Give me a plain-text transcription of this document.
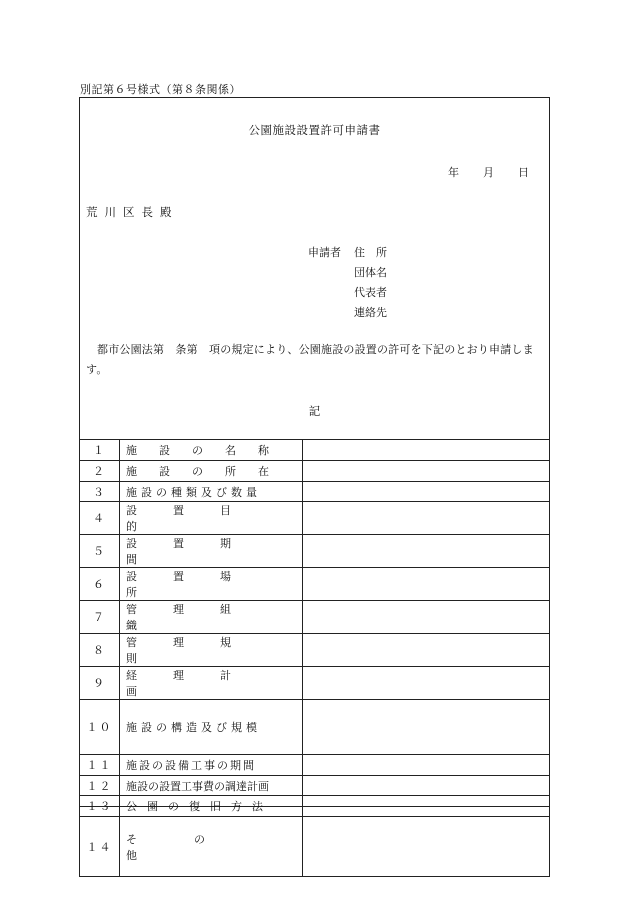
別記第６号様式（第８条関係）
公園施設設置許可申請書
年 月 日
荒川区長殿
申請者	住　所
団体名
代表者
連絡先
都市公園法第　条第　項の規定により、公園施設の設置の許可を下記のとおり申請します。
記
１	施設の名称	
２	施設の所在	
３	施設の種類及び数量	
４	設置目的	
５	設置期間	
６	設置場所	
７	管理組織	
８	管理規則	
９	経理計画	
１０	施設の構造及び規模	
１１	施設の設備工事の期間	
１２	施設の設置工事費の調達計画	
１３	公園の復旧方法	
１４	その他	
